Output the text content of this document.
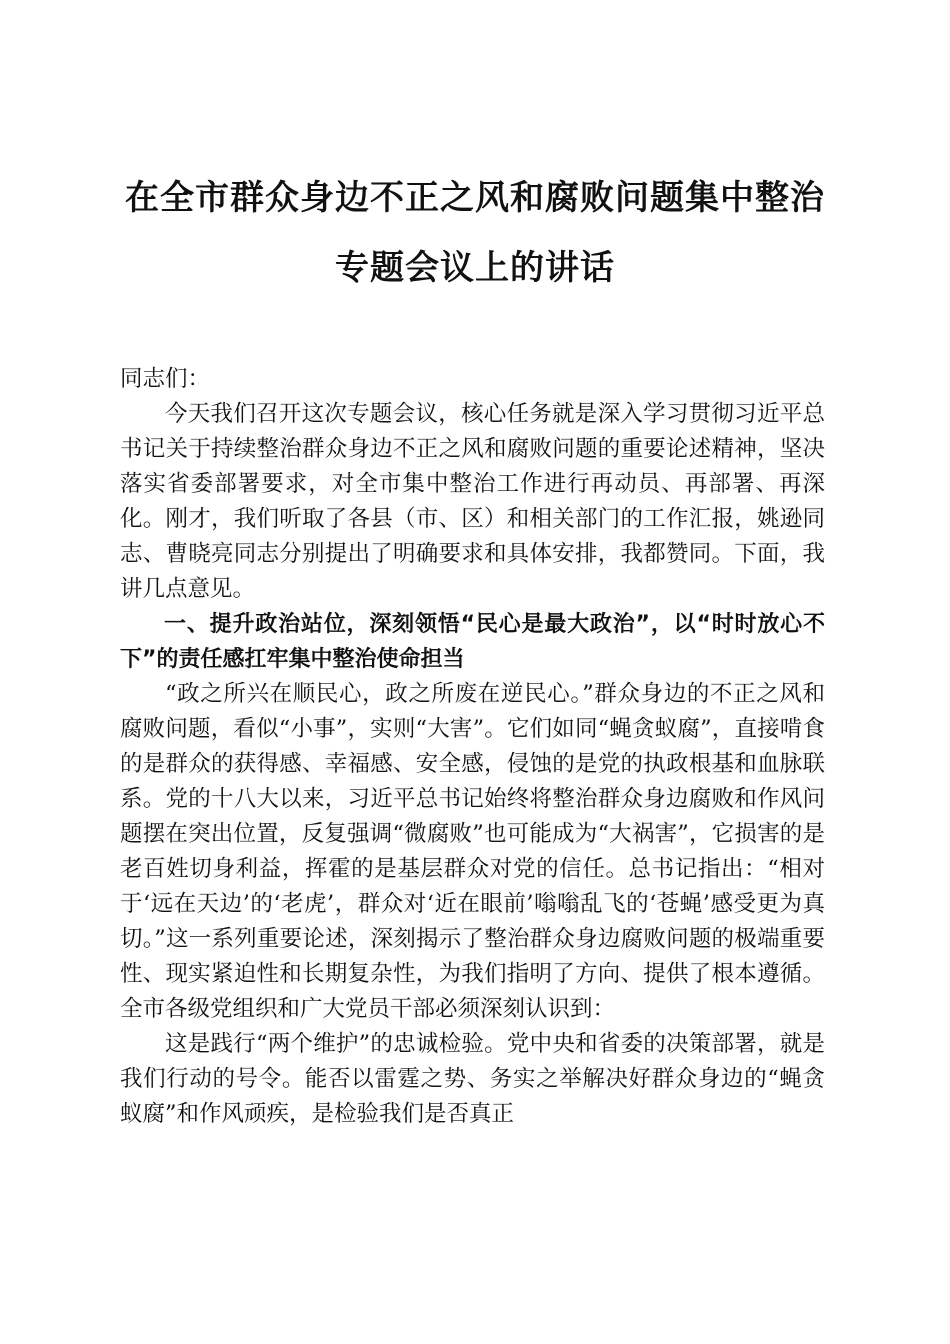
在全市群众身边不正之风和腐败问题集中整治
专题会议上的讲话

同志们：

今天我们召开这次专题会议，核心任务就是深入学习贯彻习近平总书记关于持续整治群众身边不正之风和腐败问题的重要论述精神，坚决落实省委部署要求，对全市集中整治工作进行再动员、再部署、再深化。刚才，我们听取了各县（市、区）和相关部门的工作汇报，姚逊同志、曹晓亮同志分别提出了明确要求和具体安排，我都赞同。下面，我讲几点意见。

一、提升政治站位，深刻领悟“民心是最大政治”，以“时时放心不下”的责任感扛牢集中整治使命担当

“政之所兴在顺民心，政之所废在逆民心。”群众身边的不正之风和腐败问题，看似“小事”，实则“大害”。它们如同“蝇贪蚁腐”，直接啃食的是群众的获得感、幸福感、安全感，侵蚀的是党的执政根基和血脉联系。党的十八大以来，习近平总书记始终将整治群众身边腐败和作风问题摆在突出位置，反复强调“微腐败”也可能成为“大祸害”，它损害的是老百姓切身利益，挥霍的是基层群众对党的信任。总书记指出：“相对于‘远在天边’的‘老虎’，群众对‘近在眼前’嗡嗡乱飞的‘苍蝇’感受更为真切。”这一系列重要论述，深刻揭示了整治群众身边腐败问题的极端重要性、现实紧迫性和长期复杂性，为我们指明了方向、提供了根本遵循。全市各级党组织和广大党员干部必须深刻认识到：

这是践行“两个维护”的忠诚检验。党中央和省委的决策部署，就是我们行动的号令。能否以雷霆之势、务实之举解决好群众身边的“蝇贪蚁腐”和作风顽疾，是检验我们是否真正
